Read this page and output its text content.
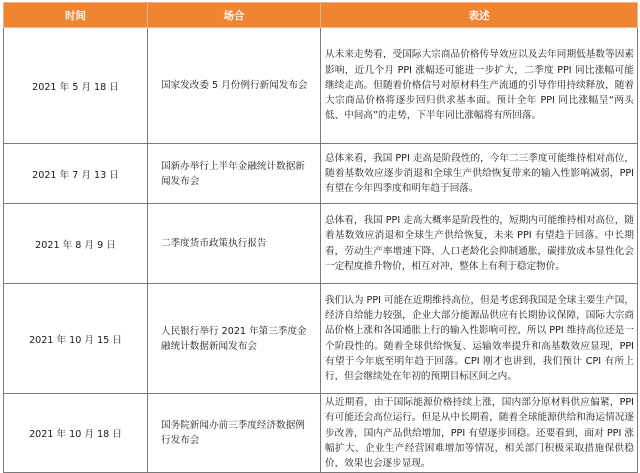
时间	场合	表述
2021 年 5 月 18 日	国家发改委 5 月份例行新闻发布会	从未来走势看，受国际大宗商品价格传导效应以及去年同期低基数等因素影响，近几个月 PPI 涨幅还可能进一步扩大，二季度 PPI 同比涨幅可能继续走高。但随着价格信号对原材料生产流通的引导作用持续释放，随着大宗商品价格将逐步回归供求基本面。预计全年 PPI 同比涨幅呈“两头低、中间高”的走势，下半年同比涨幅将有所回落。
2021 年 7 月 13 日	国新办举行上半年金融统计数据新闻发布会	总体来看，我国 PPI 走高是阶段性的，今年二三季度可能维持相对高位，随着基数效应逐步消退和全球生产供给恢复带来的输入性影响减弱，PPI 有望在今年四季度和明年趋于回落。
2021 年 8 月 9 日	二季度货币政策执行报告	总体看，我国 PPI 走高大概率是阶段性的，短期内可能维持相对高位，随着基数效应消退和全球生产供给恢复，未来 PPI 有望趋于回落。中长期看，劳动生产率增速下降、人口老龄化会抑制通胀，碳排放成本显性化会一定程度推升物价，相互对冲，整体上有利于稳定物价。
2021 年 10 月 15 日	人民银行举行 2021 年第三季度金融统计数据新闻发布会	我们认为 PPI 可能在近期维持高位，但是考虑到我国是全球主要生产国，经济自给能力较强，企业大部分能源品供应有长期协议保障，国际大宗商品价格上涨和各国通胀上行的输入性影响可控，所以 PPI 维持高位还是一个阶段性的。随着全球供给恢复、运输效率提升和高基数效应显现，PPI 有望于今年底至明年趋于回落。CPI 刚才也讲到，我们预计 CPI 有所上行，但会继续处在年初的预期目标区间之内。
2021 年 10 月 18 日	国务院新闻办前三季度经济数据例行发布会	从近期看，由于国际能源价格持续上涨，国内部分原材料供应偏紧，PPI 有可能还会高位运行。但是从中长期看，随着全球能源供给和海运情况逐步改善，国内产品供给增加，PPI 有望逐步回稳。还要看到，面对 PPI 涨幅扩大、企业生产经营困难增加等情况，相关部门积极采取措施保供稳价，效果也会逐步显现。
